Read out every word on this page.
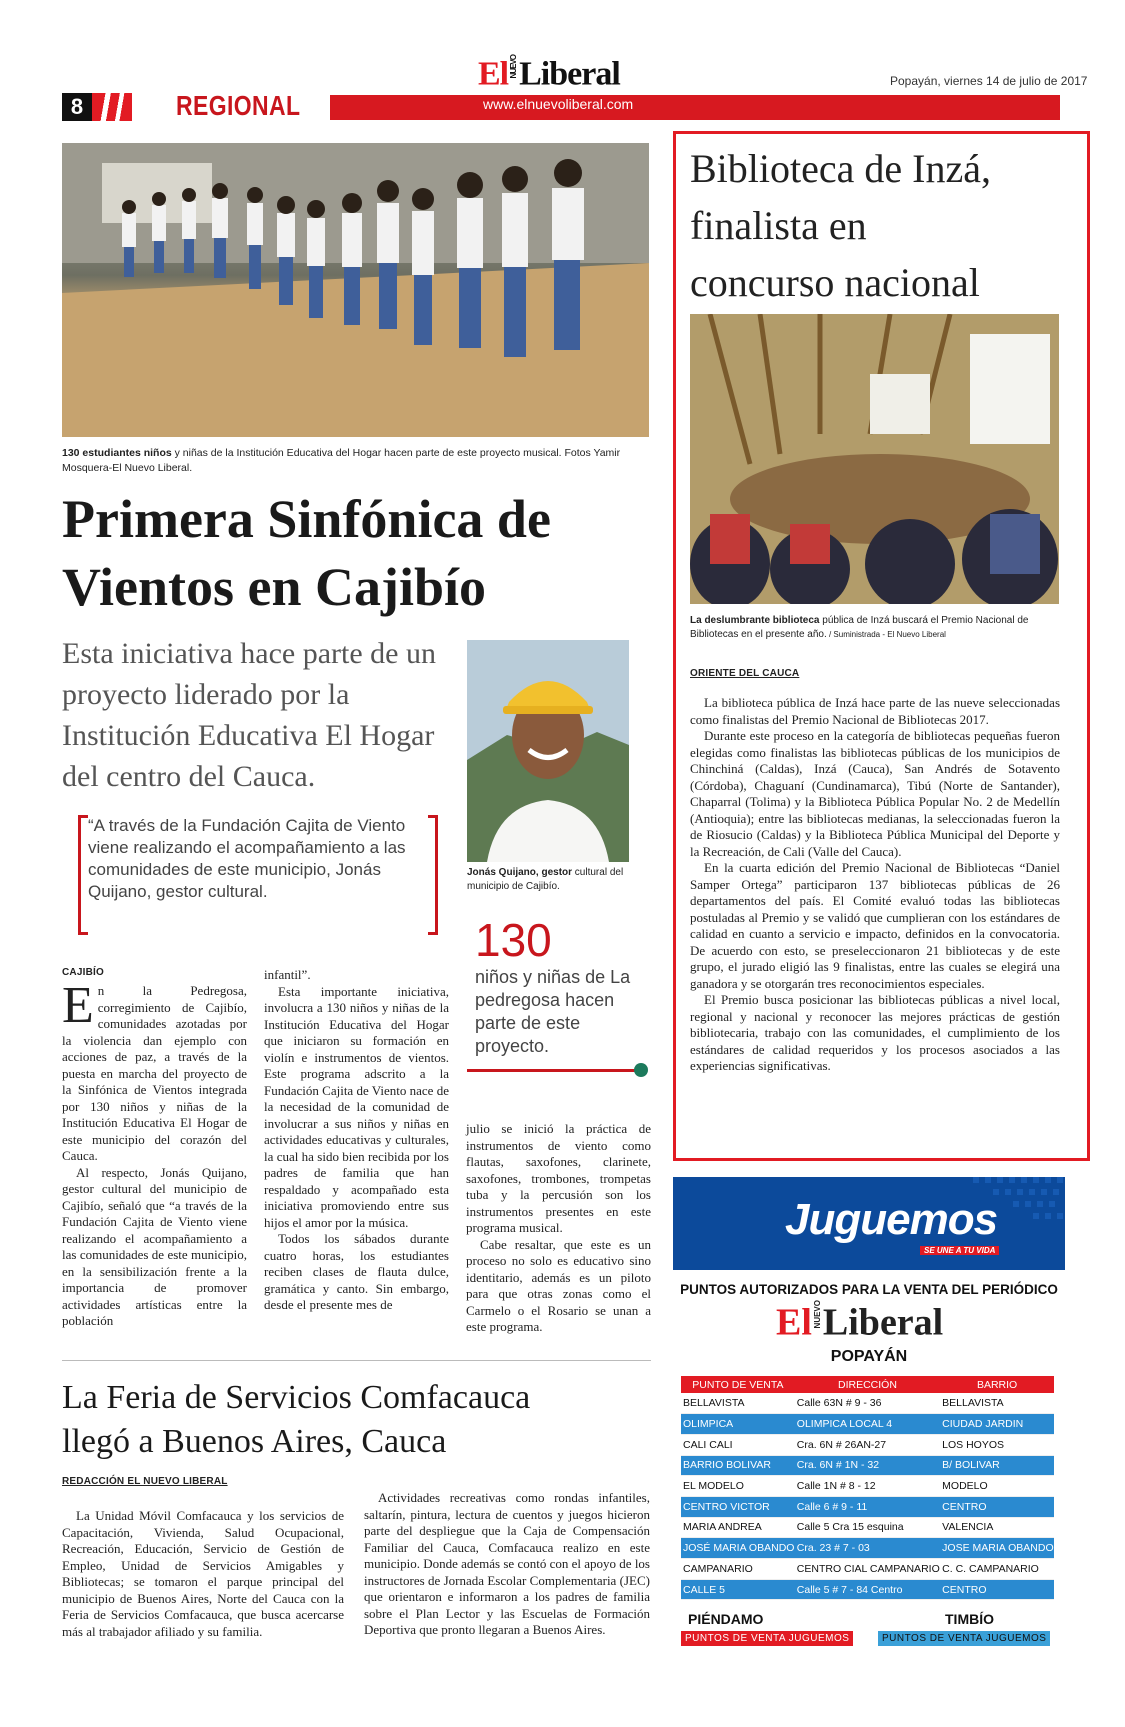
8	REGIONAL
ElNUEVOLiberal
www.elnuevoliberal.com
Popayán, viernes 14 de julio de 2017
130 estudiantes niños y niñas de la Institución Educativa del Hogar hacen parte de este proyecto musical. Fotos Yamir Mosquera-El Nuevo Liberal.
Primera Sinfónica de
Vientos en Cajibío
Esta iniciativa hace parte de un proyecto liderado por la Institución Educativa El Hogar del centro del Cauca.
Jonás Quijano, gestor cultural del municipio de Cajibío.
“A través de la Fundación Cajita de Viento viene realizando el acompañamiento a las comunidades de este municipio, Jonás Quijano, gestor cultural.
130
niños y niñas de La pedregosa hacen parte de este proyecto.
CAJIBÍO
E n la Pedregosa, corregimiento de Cajibío, comunidades azotadas por la violencia dan ejemplo con acciones de paz, a través de la puesta en marcha del proyecto de la Sinfónica de Vientos integrada por 130 niños y niñas de la Institución Educativa El Hogar de este municipio del corazón del Cauca.

Al respecto, Jonás Quijano, gestor cultural del municipio de Cajibío, señaló que “a través de la Fundación Cajita de Viento viene realizando el acompañamiento a las comunidades de este municipio, en la sensibilización frente a la importancia de promover actividades artísticas entre la población

infantil”.

Esta importante iniciativa, involucra a 130 niños y niñas de la Institución Educativa del Hogar que iniciaron su formación en violín e instrumentos de vientos. Este programa adscrito a la Fundación Cajita de Viento nace de la necesidad de la comunidad de involucrar a sus niños y niñas en actividades educativas y culturales, la cual ha sido bien recibida por los padres de familia que han respaldado y acompañado esta iniciativa promoviendo entre sus hijos el amor por la música.

Todos los sábados durante cuatro horas, los estudiantes reciben clases de flauta dulce, gramática y canto. Sin embargo, desde el presente mes de

julio se inició la práctica de instrumentos de viento como flautas, saxofones, clarinete, saxofones, trombones, trompetas tuba y la percusión son los instrumentos presentes en este programa musical.

Cabe resaltar, que este es un proceso no solo es educativo sino identitario, además es un piloto para que otras zonas como el Carmelo o el Rosario se unan a este programa.

La Feria de Servicios Comfacauca
llegó a Buenos Aires, Cauca
REDACCIÓN EL NUEVO LIBERAL

La Unidad Móvil Comfacauca y los servicios de Capacitación, Vivienda, Salud Ocupacional, Recreación, Educación, Servicio de Gestión de Empleo, Unidad de Servicios Amigables y Bibliotecas; se tomaron el parque principal del municipio de Buenos Aires, Norte del Cauca con la Feria de Servicios Comfacauca, que busca acercarse más al trabajador afiliado y su familia.

Actividades recreativas como rondas infantiles, saltarín, pintura, lectura de cuentos y juegos hicieron parte del despliegue que la Caja de Compensación Familiar del Cauca, Comfacauca realizo en este municipio. Donde además se contó con el apoyo de los instructores de Jornada Escolar Complementaria (JEC) que orientaron e informaron a los padres de familia sobre el Plan Lector y las Escuelas de Formación Deportiva que pronto llegaran a Buenos Aires.

Biblioteca de Inzá,
finalista en
concurso nacional
La deslumbrante biblioteca pública de Inzá buscará el Premio Nacional de Bibliotecas en el presente año. / Suministrada - El Nuevo Liberal
ORIENTE DEL CAUCA

La biblioteca pública de Inzá hace parte de las nueve seleccionadas como finalistas del Premio Nacional de Bibliotecas 2017.

Durante este proceso en la categoría de bibliotecas pequeñas fueron elegidas como finalistas las bibliotecas públicas de los municipios de Chinchiná (Caldas), Inzá (Cauca), San Andrés de Sotavento (Córdoba), Chaguaní (Cundinamarca), Tibú (Norte de Santander), Chaparral (Tolima) y la Biblioteca Pública Popular No. 2 de Medellín (Antioquia); entre las bibliotecas medianas, la seleccionadas fueron la de Riosucio (Caldas) y la Biblioteca Pública Municipal del Deporte y la Recreación, de Cali (Valle del Cauca).

En la cuarta edición del Premio Nacional de Bibliotecas “Daniel Samper Ortega” participaron 137 bibliotecas públicas de 26 departamentos del país. El Comité evaluó todas las bibliotecas postuladas al Premio y se validó que cumplieran con los estándares de calidad en cuanto a servicio e impacto, definidos en la convocatoria. De acuerdo con esto, se preseleccionaron 21 bibliotecas y de este grupo, el jurado eligió las 9 finalistas, entre las cuales se elegirá una ganadora y se otorgarán tres reconocimientos especiales.

El Premio busca posicionar las bibliotecas públicas a nivel local, regional y nacional y reconocer las mejores prácticas de gestión bibliotecaria, trabajo con las comunidades, el cumplimiento de los estándares de calidad requeridos y los procesos asociados a las experiencias significativas.

Juguemos
SE UNE A TU VIDA
PUNTOS AUTORIZADOS PARA LA VENTA DEL PERIÓDICO
ElNUEVOLiberal
POPAYÁN
PUNTO DE VENTA	DIRECCIÓN	BARRIO
BELLAVISTA	Calle 63N # 9 - 36	BELLAVISTA
OLIMPICA	OLIMPICA LOCAL 4	CIUDAD JARDIN
CALI CALI	Cra. 6N # 26AN-27	LOS HOYOS
BARRIO BOLIVAR	Cra. 6N # 1N - 32	B/ BOLIVAR
EL MODELO	Calle 1N # 8 - 12	MODELO
CENTRO VICTOR	Calle 6 # 9 - 11	CENTRO
MARIA ANDREA	Calle 5 Cra 15 esquina	VALENCIA
JOSÉ MARIA OBANDO	Cra. 23 # 7 - 03	JOSE MARIA OBANDO
CAMPANARIO	CENTRO CIAL CAMPANARIO	C. C. CAMPANARIO
CALLE 5	Calle 5 # 7 - 84 Centro	CENTRO
PIÉNDAMO
PUNTOS DE VENTA JUGUEMOS
TIMBÍO
PUNTOS DE VENTA JUGUEMOS
